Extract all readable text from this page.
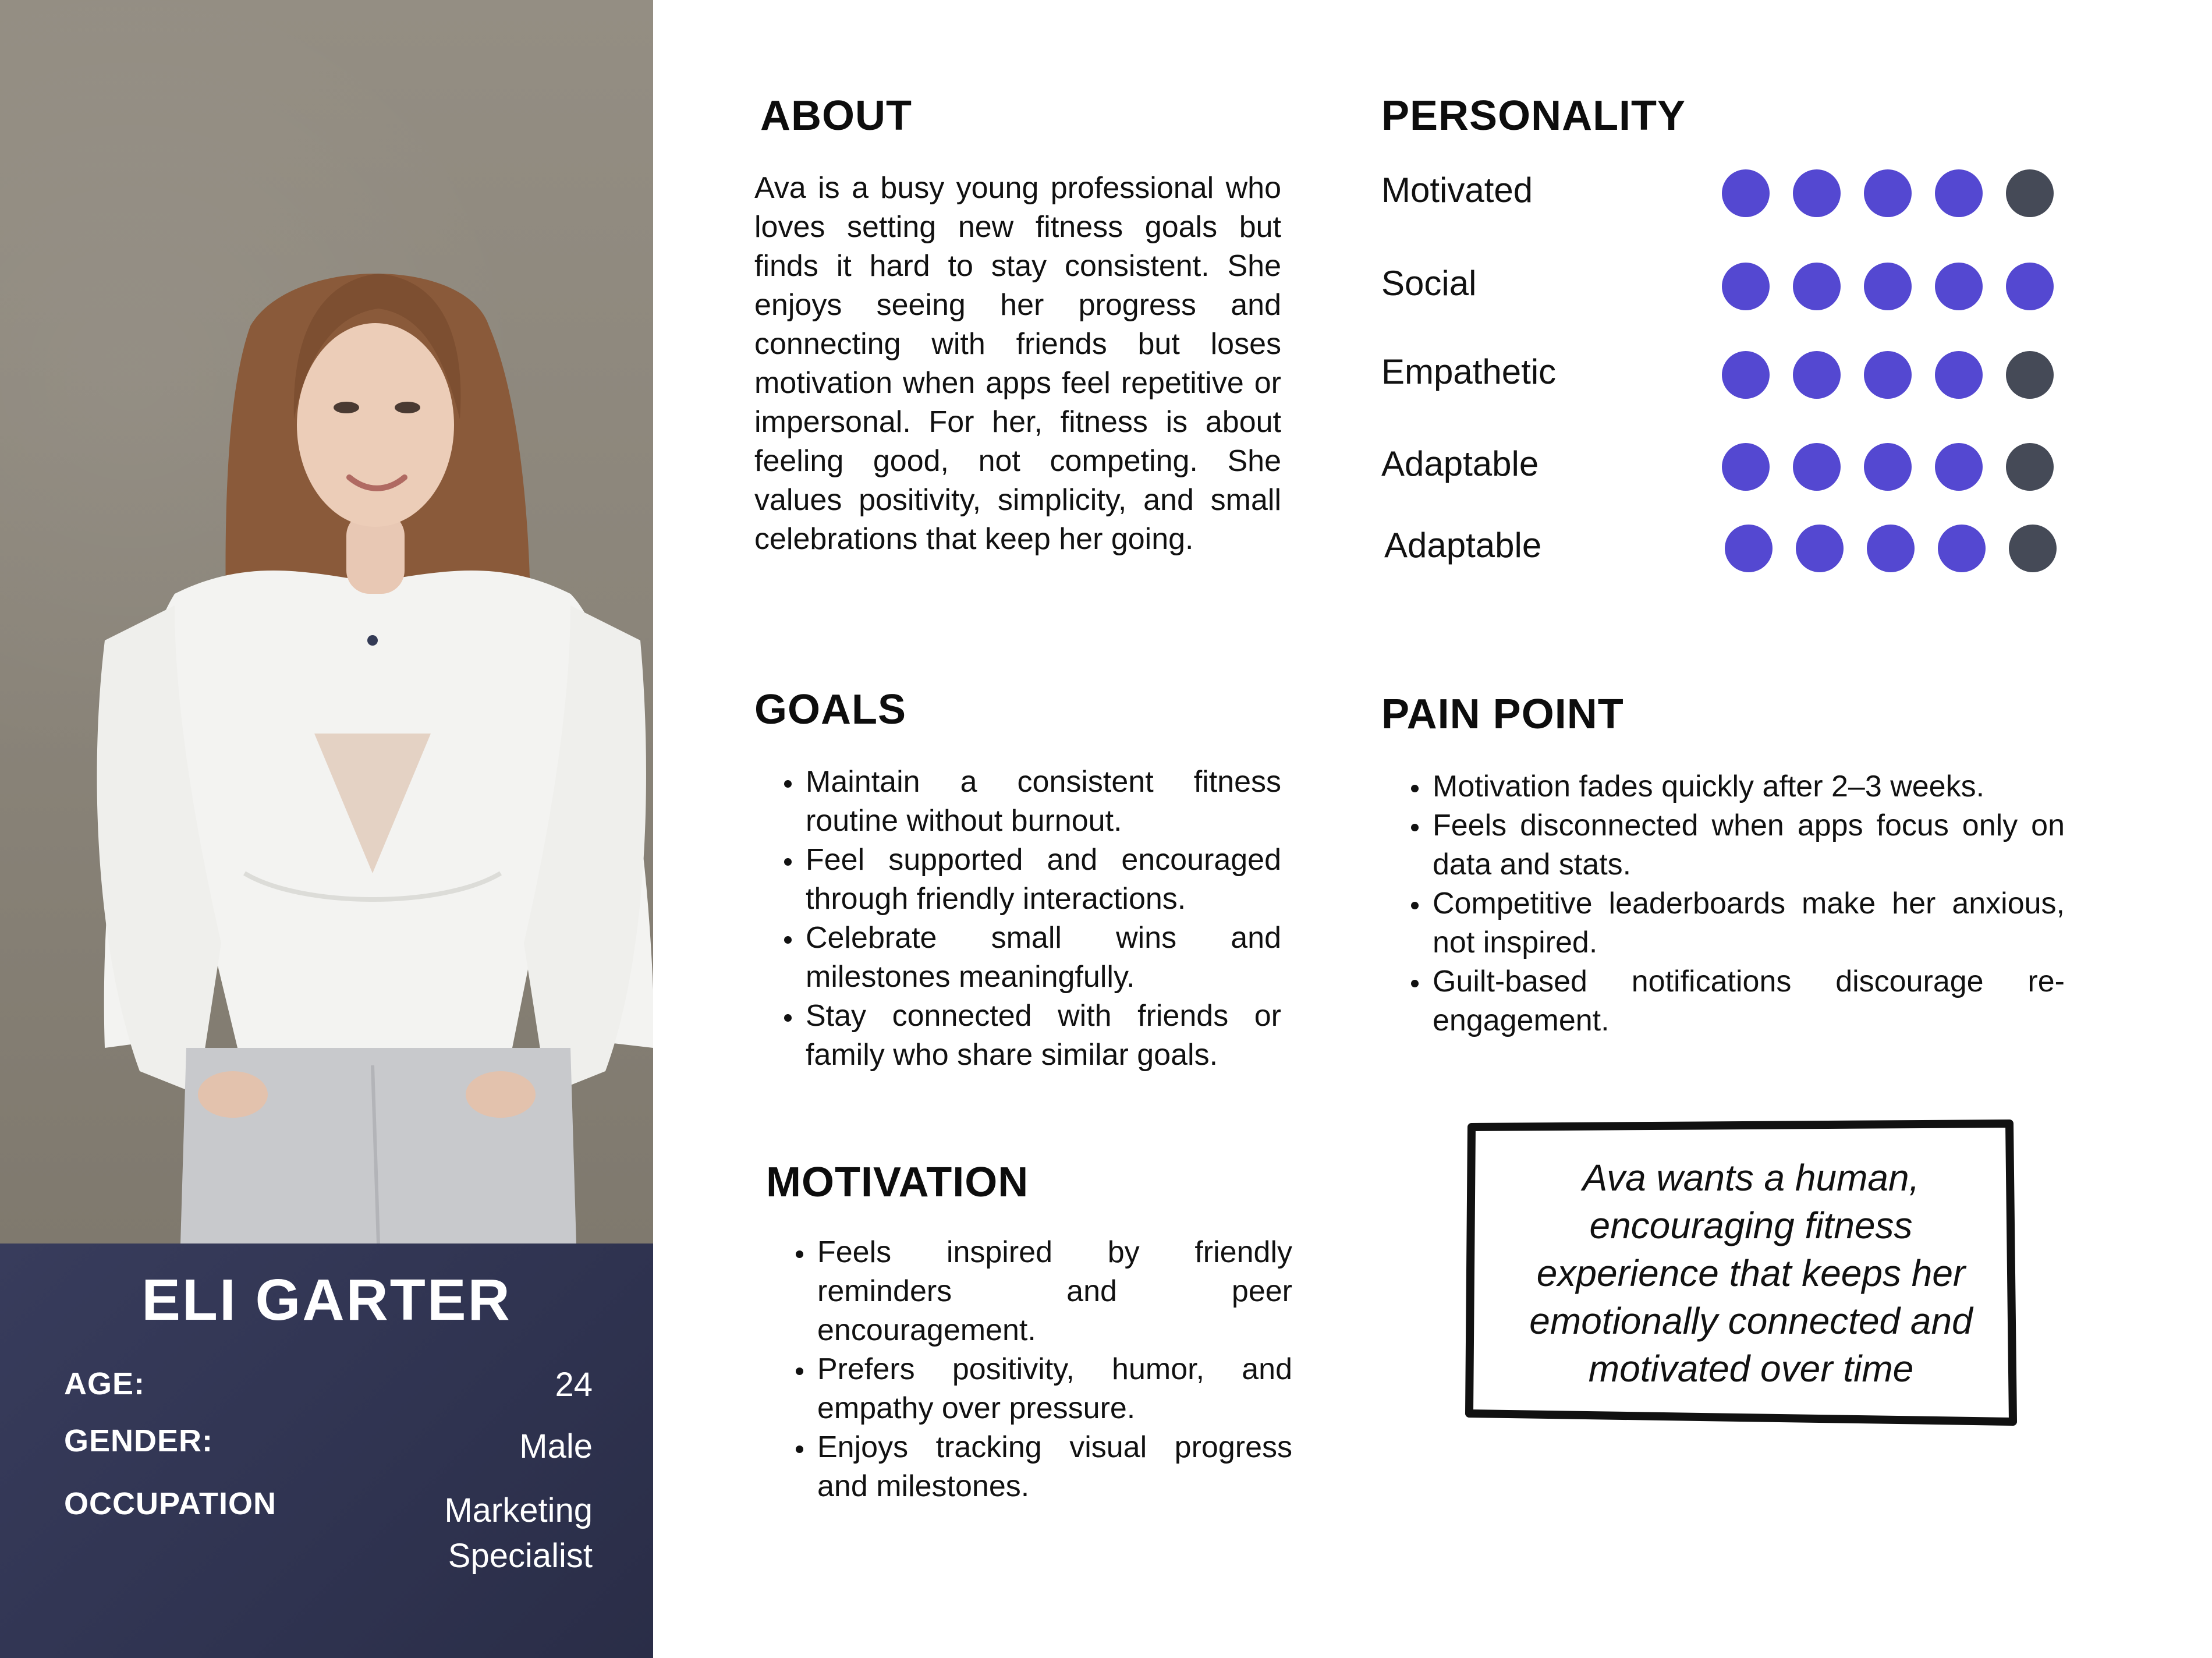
ELI GARTER
AGE:	24
GENDER:	Male
OCCUPATION	Marketing Specialist
ABOUT

Ava is a busy young professional who loves setting new fitness goals but finds it hard to stay consistent. She enjoys seeing her progress and connecting with friends but loses motivation when apps feel repetitive or impersonal. For her, fitness is about feeling good, not competing. She values positivity, simplicity, and small celebrations that keep her going.

PERSONALITY
Motivated
Social
Empathetic
Adaptable
Adaptable
GOALS
• Maintain a consistent fitness routine without burnout.
• Feel supported and encouraged through friendly interactions.
• Celebrate small wins and milestones meaningfully.
• Stay connected with friends or family who share similar goals.
PAIN POINT
• Motivation fades quickly after 2–3 weeks.
• Feels disconnected when apps focus only on data and stats.
• Competitive leaderboards make her anxious, not inspired.
• Guilt-based notifications discourage re-engagement.
MOTIVATION
• Feels inspired by friendly reminders and peer encouragement.
• Prefers positivity, humor, and empathy over pressure.
• Enjoys tracking visual progress and milestones.

Ava wants a human, encouraging fitness experience that keeps her emotionally connected and motivated over time
